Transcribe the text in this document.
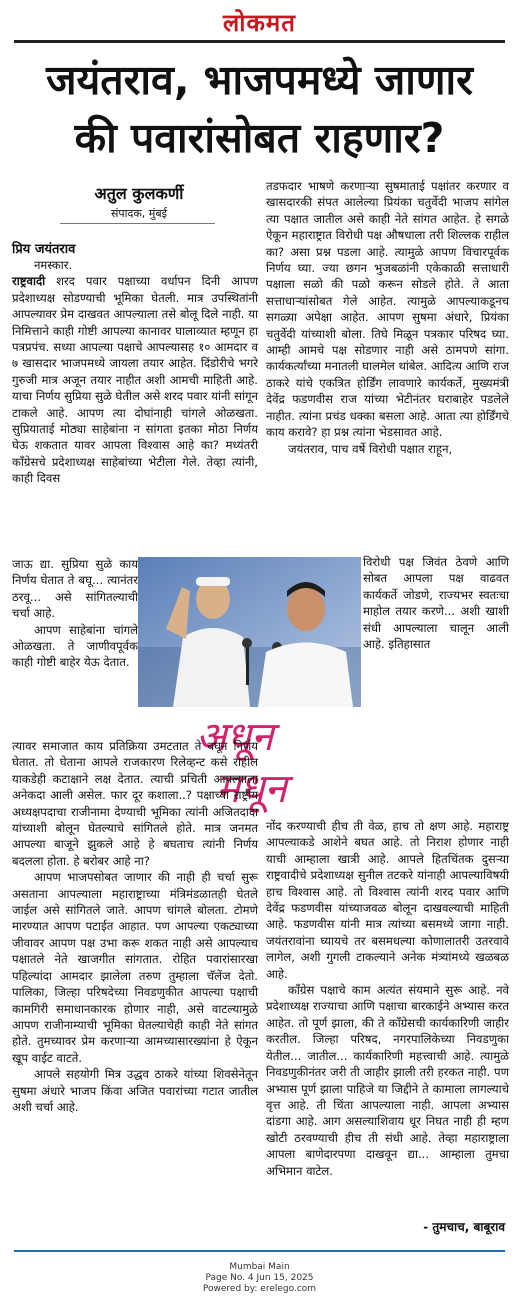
लोकमत
जयंतराव, भाजपमध्ये जाणार
की पवारांसोबत राहणार?
अतुल कुलकर्णी
संपादक, मुंबई
प्रिय जयंतराव

नमस्कार.

राष्ट्रवादी शरद पवार पक्षाच्या वर्धापन दिनी आपण प्रदेशाध्यक्ष सोडण्याची भूमिका घेतली. मात्र उपस्थितांनी आपल्यावर प्रेम दाखवत आपल्याला तसे बोलू दिले नाही. या निमित्ताने काही गोष्टी आपल्या कानावर घालाव्यात म्हणून हा पत्रप्रपंच. सध्या आपल्या पक्षाचे आपल्यासह १० आमदार व ७ खासदार भाजपमध्ये जायला तयार आहेत. दिंडोरीचे भगरे गुरुजी मात्र अजून तयार नाहीत अशी आमची माहिती आहे. याचा निर्णय सुप्रिया सुळे घेतील असे शरद पवार यांनी सांगून टाकले आहे. आपण त्या दोघांनाही चांगले ओळखता. सुप्रियाताई मोठ्या साहेबांना न सांगता इतका मोठा निर्णय घेऊ शकतात यावर आपला विश्वास आहे का? मध्यंतरी काँग्रेसचे प्रदेशाध्यक्ष साहेबांच्या भेटीला गेले. तेव्हा त्यांनी, काही दिवस

जाऊ द्या. सुप्रिया सुळे काय निर्णय घेतात ते बघू... त्यानंतर ठरवू... असे सांगितल्याची चर्चा आहे.

आपण साहेबांना चांगले ओळखता. ते जाणीवपूर्वक काही गोष्टी बाहेर येऊ देतात.

अधून
मधून

त्यावर समाजात काय प्रतिक्रिया उमटतात ते बघून निर्णय घेतात. तो घेताना आपले राजकारण रिलेव्हन्ट कसे राहील याकडेही कटाक्षाने लक्ष देतात. त्याची प्रचिती आपल्याला अनेकदा आली असेल. फार दूर कशाला..? पक्षाच्या राष्ट्रीय अध्यक्षपदाचा राजीनामा देण्याची भूमिका त्यांनी अजितदादा यांच्याशी बोलून घेतल्याचे सांगितले होते. मात्र जनमत आपल्या बाजूने झुकले आहे हे बघताच त्यांनी निर्णय बदलला होता. हे बरोबर आहे ना?

आपण भाजपसोबत जाणार की नाही ही चर्चा सुरू असताना आपल्याला महाराष्ट्राच्या मंत्रिमंडळातही घेतले जाईल असे सांगितले जाते. आपण चांगले बोलता. टोमणे मारण्यात आपण पटाईत आहात. पण आपल्या एकट्याच्या जीवावर आपण पक्ष उभा करू शकत नाही असे आपल्याच पक्षातले नेते खाजगीत सांगतात. रोहित पवारांसारखा पहिल्यांदा आमदार झालेला तरुण तुम्हाला चॅलेंज देतो. पालिका, जिल्हा परिषदेच्या निवडणुकीत आपल्या पक्षाची कामगिरी समाधानकारक होणार नाही, असे वाटल्यामुळे आपण राजीनाम्याची भूमिका घेतल्याचेही काही नेते सांगत होते. तुमच्यावर प्रेम करणाऱ्या आमच्यासारख्यांना हे ऐकून खूप वाईट वाटते.

आपले सहयोगी मित्र उद्धव ठाकरे यांच्या शिवसेनेतून सुषमा अंधारे भाजप किंवा अजित पवारांच्या गटात जातील अशी चर्चा आहे.

तडफदार भाषणे करणाऱ्या सुषमाताई पक्षांतर करणार व खासदारकी संपत आलेल्या प्रियंका चतुर्वेदी भाजप सांगेल त्या पक्षात जातील असे काही नेते सांगत आहेत. हे सगळे ऐकून महाराष्ट्रात विरोधी पक्ष औषधाला तरी शिल्लक राहील का? असा प्रश्न पडला आहे. त्यामुळे आपण विचारपूर्वक निर्णय घ्या. ज्या छगन भुजबळांनी एकेकाळी सत्ताधारी पक्षाला सळो की पळो करून सोडले होते. ते आता सत्ताधाऱ्यांसोबत गेले आहेत. त्यामुळे आपल्याकडूनच सगळ्या अपेक्षा आहेत. आपण सुषमा अंधारे, प्रियंका चतुर्वेदी यांच्याशी बोला. तिघे मिळून पत्रकार परिषद घ्या. आम्ही आमचे पक्ष सोडणार नाही असे ठामपणे सांगा. कार्यकर्त्यांच्या मनातली घालमेल थांबेल. आदित्य आणि राज ठाकरे यांचे एकत्रित होर्डिंग लावणारे कार्यकर्ते, मुख्यमंत्री देवेंद्र फडणवीस राज यांच्या भेटीनंतर घराबाहेर पडलेले नाहीत. त्यांना प्रचंड धक्का बसला आहे. आता त्या होर्डिंगचे काय करावे? हा प्रश्न त्यांना भेडसावत आहे.

जयंतराव, पाच वर्षे विरोधी पक्षात राहून,

विरोधी पक्ष जिवंत ठेवणे आणि सोबत आपला पक्ष वाढवत कार्यकर्ते जोडणे, राज्यभर स्वतःचा माहोल तयार करणे... अशी खाशी संधी आपल्याला चालून आली आहे. इतिहासात

नोंद करण्याची हीच ती वेळ, हाच तो क्षण आहे. महाराष्ट्र आपल्याकडे आशेने बघत आहे. तो निराश होणार नाही याची आम्हाला खात्री आहे. आपले हितचिंतक दुसऱ्या राष्ट्रवादीचे प्रदेशाध्यक्ष सुनील तटकरे यांनाही आपल्याविषयी हाच विश्वास आहे. तो विश्वास त्यांनी शरद पवार आणि देवेंद्र फडणवीस यांच्याजवळ बोलून दाखवल्याची माहिती आहे. फडणवीस यांनी मात्र त्यांच्या बसमध्ये जागा नाही. जयंतरावांना घ्यायचे तर बसमधल्या कोणालातरी उतरवावे लागेल, अशी गुगली टाकल्याने अनेक मंत्र्यांमध्ये खळबळ आहे.

काँग्रेस पक्षाचे काम अत्यंत संयमाने सुरू आहे. नवे प्रदेशाध्यक्ष राज्याचा आणि पक्षाचा बारकाईने अभ्यास करत आहेत. तो पूर्ण झाला, की ते काँग्रेसची कार्यकारिणी जाहीर करतील. जिल्हा परिषद, नगरपालिकेच्या निवडणुका येतील... जातील... कार्यकारिणी महत्त्वाची आहे. त्यामुळे निवडणुकीनंतर जरी ती जाहीर झाली तरी हरकत नाही. पण अभ्यास पूर्ण झाला पाहिजे या जिद्दीने ते कामाला लागल्याचे वृत्त आहे. ती चिंता आपल्याला नाही. आपला अभ्यास दांडगा आहे. आग असल्याशिवाय धूर निघत नाही ही म्हण खोटी ठरवण्याची हीच ती संधी आहे. तेव्हा महाराष्ट्राला आपला बाणेदारपणा दाखवून द्या... आम्हाला तुमचा अभिमान वाटेल.

- तुमचाच, बाबूराव
Mumbai Main
Page No. 4 Jun 15, 2025
Powered by: erelego.com
